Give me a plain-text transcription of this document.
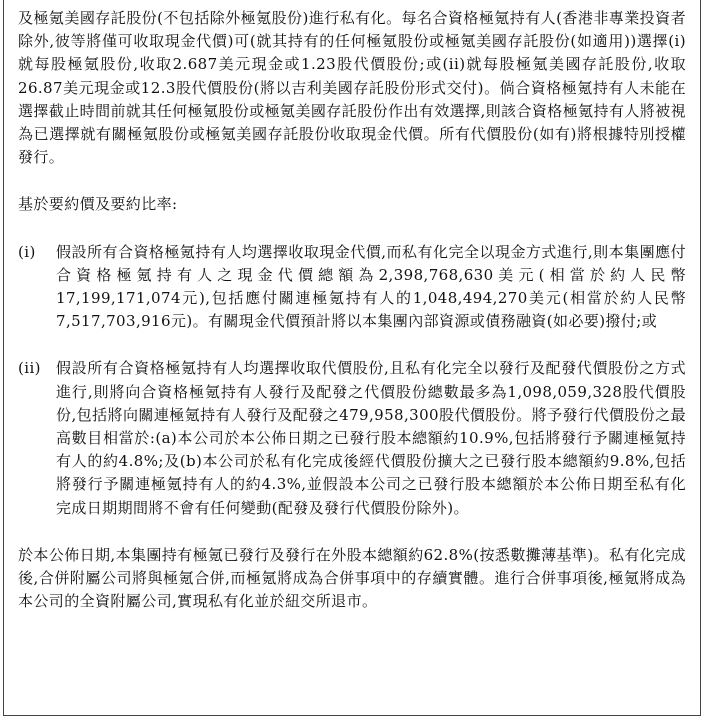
及極氪美國存託股份(不包括除外極氪股份)進行私有化。每名合資格極氪持有人(香港非專業投資者除外,彼等將僅可收取現金代價)可(就其持有的任何極氪股份或極氪美國存託股份(如適用))選擇(i)就每股極氪股份,收取2.687美元現金或1.23股代價股份;或(ii)就每股極氪美國存託股份,收取26.87美元現金或12.3股代價股份(將以吉利美國存託股份形式交付)。倘合資格極氪持有人未能在選擇截止時間前就其任何極氪股份或極氪美國存託股份作出有效選擇,則該合資格極氪持有人將被視為已選擇就有關極氪股份或極氪美國存託股份收取現金代價。所有代價股份(如有)將根據特別授權發行。

基於要約價及要約比率:

(i) 假設所有合資格極氪持有人均選擇收取現金代價,而私有化完全以現金方式進行,則本集團應付合資格極氪持有人之現金代價總額為2,398,768,630美元(相當於約人民幣17,199,171,074元),包括應付關連極氪持有人的1,048,494,270美元(相當於約人民幣7,517,703,916元)。有關現金代價預計將以本集團內部資源或債務融資(如必要)撥付;或

(ii) 假設所有合資格極氪持有人均選擇收取代價股份,且私有化完全以發行及配發代價股份之方式進行,則將向合資格極氪持有人發行及配發之代價股份總數最多為1,098,059,328股代價股份,包括將向關連極氪持有人發行及配發之479,958,300股代價股份。將予發行代價股份之最高數目相當於:(a)本公司於本公佈日期之已發行股本總額約10.9%,包括將發行予關連極氪持有人的約4.8%;及(b)本公司於私有化完成後經代價股份擴大之已發行股本總額約9.8%,包括將發行予關連極氪持有人的約4.3%,並假設本公司之已發行股本總額於本公佈日期至私有化完成日期期間將不會有任何變動(配發及發行代價股份除外)。

於本公佈日期,本集團持有極氪已發行及發行在外股本總額約62.8%(按悉數攤薄基準)。私有化完成後,合併附屬公司將與極氪合併,而極氪將成為合併事項中的存續實體。進行合併事項後,極氪將成為本公司的全資附屬公司,實現私有化並於紐交所退市。
